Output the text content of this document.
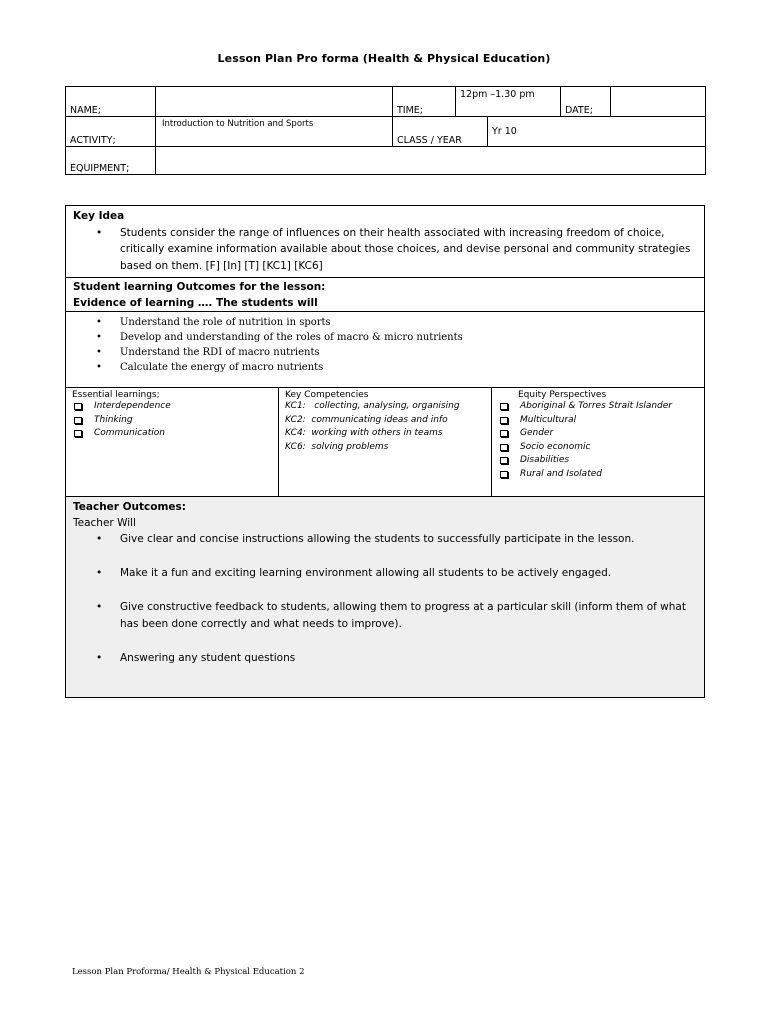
Lesson Plan Pro forma (Health & Physical Education)
NAME;		TIME;	12pm –1.30 pm		DATE;	
ACTIVITY;	Introduction to Nutrition and Sports	CLASS / YEAR		Yr 10		
EQUIPMENT;						
Key Idea
• Students consider the range of influences on their health associated with increasing freedom of choice, critically examine information available about those choices, and devise personal and community strategies based on them. [F] [In] [T] [KC1] [KC6]
Student learning Outcomes for the lesson:
Evidence of learning …. The students will
• Understand the role of nutrition in sports
• Develop and understanding of the roles of macro & micro nutrients
• Understand the RDI of macro nutrients
• Calculate the energy of macro nutrients
Essential learnings;
Interdependence
Thinking
Communication
Key Competencies
KC1:   collecting, analysing, organising
KC2:  communicating ideas and info
KC4:  working with others in teams
KC6:  solving problems
Equity Perspectives
Aboriginal & Torres Strait Islander
Multicultural
Gender
Socio economic
Disabilities
Rural and Isolated
Teacher Outcomes:
Teacher Will
• Give clear and concise instructions allowing the students to successfully participate in the lesson.
• Make it a fun and exciting learning environment allowing all students to be actively engaged.
• Give constructive feedback to students, allowing them to progress at a particular skill (inform them of what has been done correctly and what needs to improve).
• Answering any student questions
Lesson Plan Proforma/ Health & Physical Education 2
